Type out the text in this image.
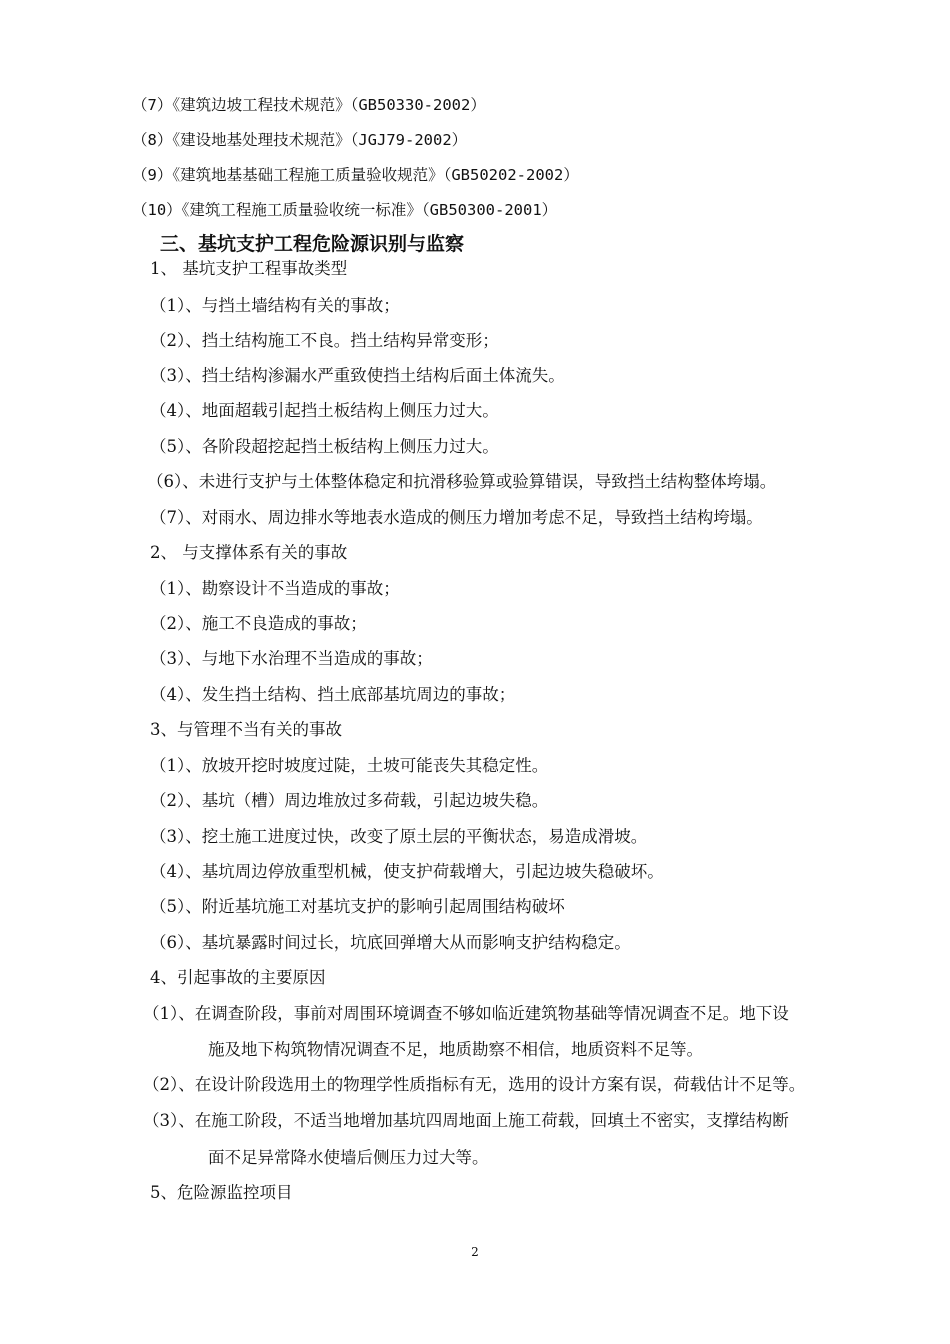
（7）《建筑边坡工程技术规范》（GB50330-2002）
（8）《建设地基处理技术规范》（JGJ79-2002）
（9）《建筑地基基础工程施工质量验收规范》（GB50202-2002）
（10）《建筑工程施工质量验收统一标准》（GB50300-2001）
三、基坑支护工程危险源识别与监察
1、 基坑支护工程事故类型
（1）、与挡土墙结构有关的事故；
（2）、挡土结构施工不良。挡土结构异常变形；
（3）、挡土结构渗漏水严重致使挡土结构后面土体流失。
（4）、地面超载引起挡土板结构上侧压力过大。
（5）、各阶段超挖起挡土板结构上侧压力过大。
（6）、未进行支护与土体整体稳定和抗滑移验算或验算错误，导致挡土结构整体垮塌。
（7）、对雨水、周边排水等地表水造成的侧压力增加考虑不足，导致挡土结构垮塌。
2、 与支撑体系有关的事故
（1）、勘察设计不当造成的事故；
（2）、施工不良造成的事故；
（3）、与地下水治理不当造成的事故；
（4）、发生挡土结构、挡土底部基坑周边的事故；
3、与管理不当有关的事故
（1）、放坡开挖时坡度过陡，土坡可能丧失其稳定性。
（2）、基坑（槽）周边堆放过多荷载，引起边坡失稳。
（3）、挖土施工进度过快，改变了原土层的平衡状态，易造成滑坡。
（4）、基坑周边停放重型机械，使支护荷载增大，引起边坡失稳破坏。
（5）、附近基坑施工对基坑支护的影响引起周围结构破坏
（6）、基坑暴露时间过长，坑底回弹增大从而影响支护结构稳定。
4、引起事故的主要原因
（1）、在调查阶段，事前对周围环境调查不够如临近建筑物基础等情况调查不足。地下设
施及地下构筑物情况调查不足，地质勘察不相信，地质资料不足等。
（2）、在设计阶段选用土的物理学性质指标有无，选用的设计方案有误，荷载估计不足等。
（3）、在施工阶段，不适当地增加基坑四周地面上施工荷载，回填土不密实，支撑结构断
面不足异常降水使墙后侧压力过大等。
5、危险源监控项目
2
